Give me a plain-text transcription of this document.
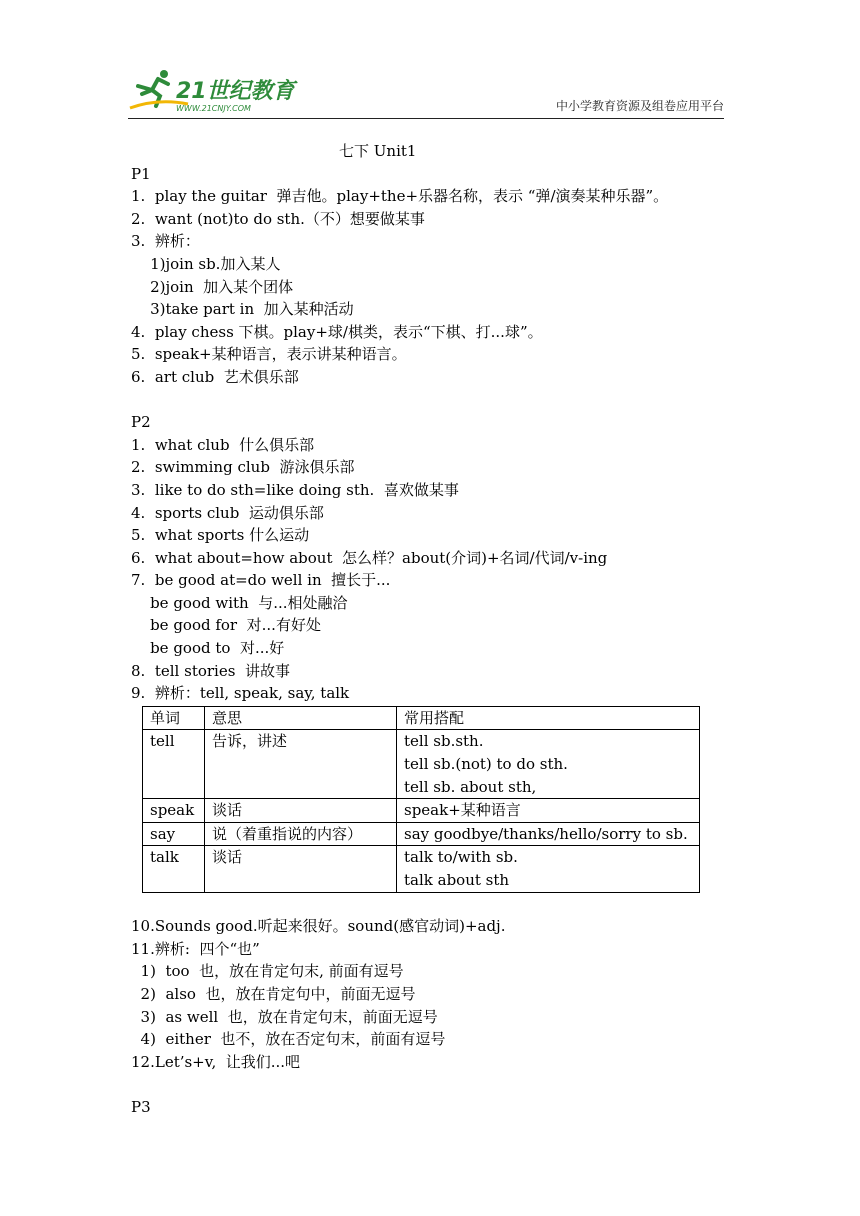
21世纪教育
WWW.21CNJY.COM	中小学教育资源及组卷应用平台
七下 Unit1
P1
1.  play the guitar  弹吉他。play+the+乐器名称，表示 “弹/演奏某种乐器”。
2.  want (not)to do sth.（不）想要做某事
3.  辨析：
1)join sb.加入某人
2)join  加入某个团体
3)take part in  加入某种活动
4.  play chess 下棋。play+球/棋类，表示“下棋、打...球”。
5.  speak+某种语言，表示讲某种语言。
6.  art club  艺术俱乐部
P2
1.  what club  什么俱乐部
2.  swimming club  游泳俱乐部
3.  like to do sth=like doing sth.  喜欢做某事
4.  sports club  运动俱乐部
5.  what sports 什么运动
6.  what about=how about  怎么样？about(介词)+名词/代词/v-ing
7.  be good at=do well in  擅长于...
be good with  与...相处融洽
be good for  对...有好处
be good to  对...好
8.  tell stories  讲故事
9.  辨析：tell, speak, say, talk
单词	意思	常用搭配
tell	告诉，讲述	tell sb.sth.
tell sb.(not) to do sth.
tell sb. about sth,

speak	谈话	speak+某种语言

say	说（着重指说的内容）	say goodbye/thanks/hello/sorry to sb.

talk	谈话	talk to/with sb.
talk about sth
10.Sounds good.听起来很好。sound(感官动词)+adj.
11.辨析:  四个“也”
1)  too  也，放在肯定句末, 前面有逗号
2)  also  也，放在肯定句中，前面无逗号
3)  as well  也，放在肯定句末，前面无逗号
4)  either  也不，放在否定句末，前面有逗号
12.Let’s+v,  让我们...吧
P3
